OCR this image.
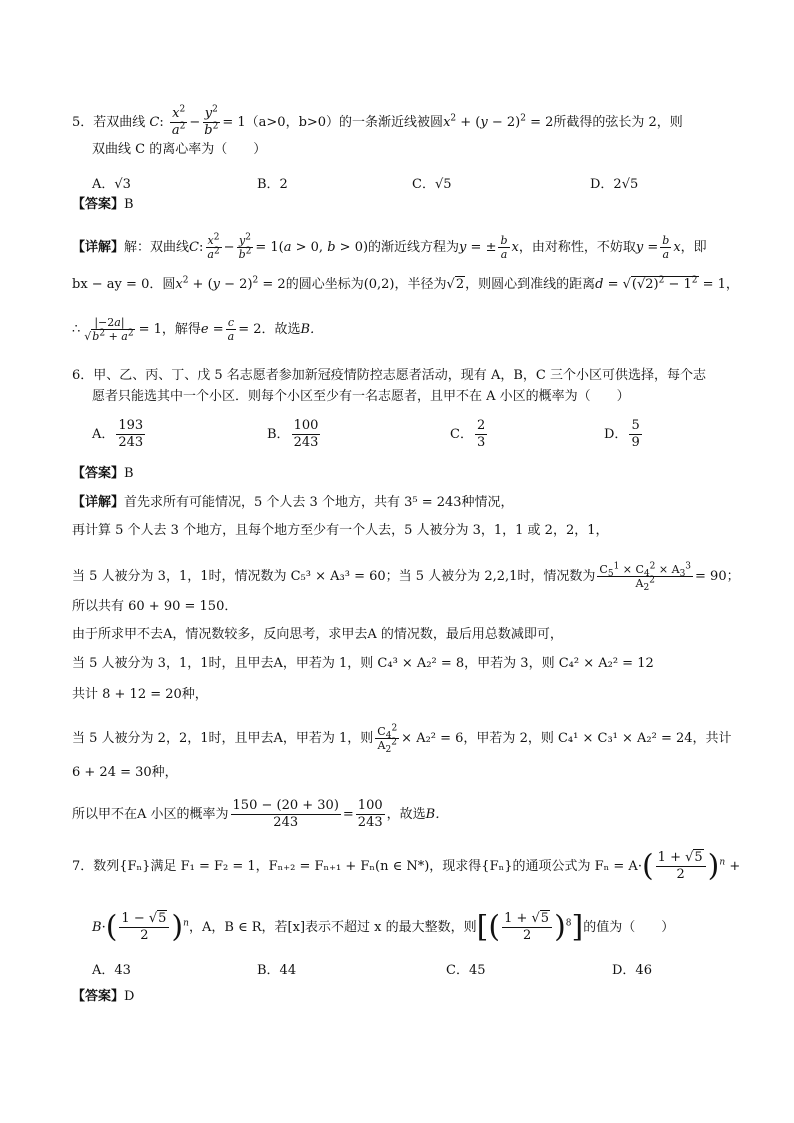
5．若双曲线 C: $\frac{x^2}{a^2} - \frac{y^2}{b^2} = 1(a>0$，b>0）的一条渐近线被圆$x^2 + (y - 2)^2 = 2$所截得的弦长为 2，则
双曲线 C 的离心率为（　　）
A．√3	B．2	C．√5	D．2√5
【答案】B
【详解】解：双曲线C: $\frac{x^2}{a^2} - \frac{y^2}{b^2} = 1(a > 0$, b > 0)的渐近线方程为y = ± $\frac{b}{a}$ x，由对称性，不妨取$y = \frac{b}{a}$ x，即
bx − ay = 0．圆$x^2 + (y - 2)^2 = 2$的圆心坐标为(0,2)，半径为√2，则圆心到准线的距离$d = √(√2)^2 - 1^2 = 1$，
∴ $\frac{|-2a|}{√b^2 + a^2} = 1$，解得$e = \frac{c}{a} = 2$．故选B．
6．甲、乙、丙、丁、戊 5 名志愿者参加新冠疫情防控志愿者活动，现有 A，B，C 三个小区可供选择，每个志
愿者只能选其中一个小区．则每个小区至少有一名志愿者，且甲不在 A 小区的概率为（　　）
A． $\frac{193}{243}$	B． $\frac{100}{243}$	C． $\frac{2}{3}$	D． $\frac{5}{9}$
【答案】B
【详解】首先求所有可能情况，5 个人去 3 个地方，共有 3⁵ = 243种情况，
再计算 5 个人去 3 个地方，且每个地方至少有一个人去，5 人被分为 3，1，1 或 2，2，1，
当 5 人被分为 3，1，1时，情况数为 C₅³ × A₃³ = 60；当 5 人被分为 2,2,1时，情况数为 $\frac{C_5^1 \times C_4^2 \times A_3^3}{A_2^2} = 90$；
所以共有 60 + 90 = 150．
由于所求甲不去A，情况数较多，反向思考，求甲去A 的情况数，最后用总数减即可，
当 5 人被分为 3，1，1时，且甲去A，甲若为 1，则 C₄³ × A₂² = 8，甲若为 3，则 C₄² × A₂² = 12
共计 8 + 12 = 20种，
当 5 人被分为 2，2，1时，且甲去A，甲若为 1，则 $\frac{C_4^2}{A_2^2} \times A_2^2 = 6$，甲若为 2，则 C₄¹ × C₃¹ × A₂² = 24，共计
6 + 24 = 30种，
所以甲不在A 小区的概率为 $\frac{150 - (20 + 30)}{243} = \frac{100}{243}$ ，故选B．
7．数列{Fₙ}满足 F₁ = F₂ = 1，Fₙ₊₂ = Fₙ₊₁ + Fₙ(n ∈ N*)，现求得{Fₙ}的通项公式为 $F_n = A\cdot( \frac{1 + √5}{2} )^n$ +
$B\cdot( \frac{1 - √5}{2} )^n$，A，B ∈ R，若[x]表示不超过 x 的最大整数，则[( $\frac{1 + √5}{2} )^8$]的值为（　　）
A．43	B．44	C．45	D．46
【答案】D
